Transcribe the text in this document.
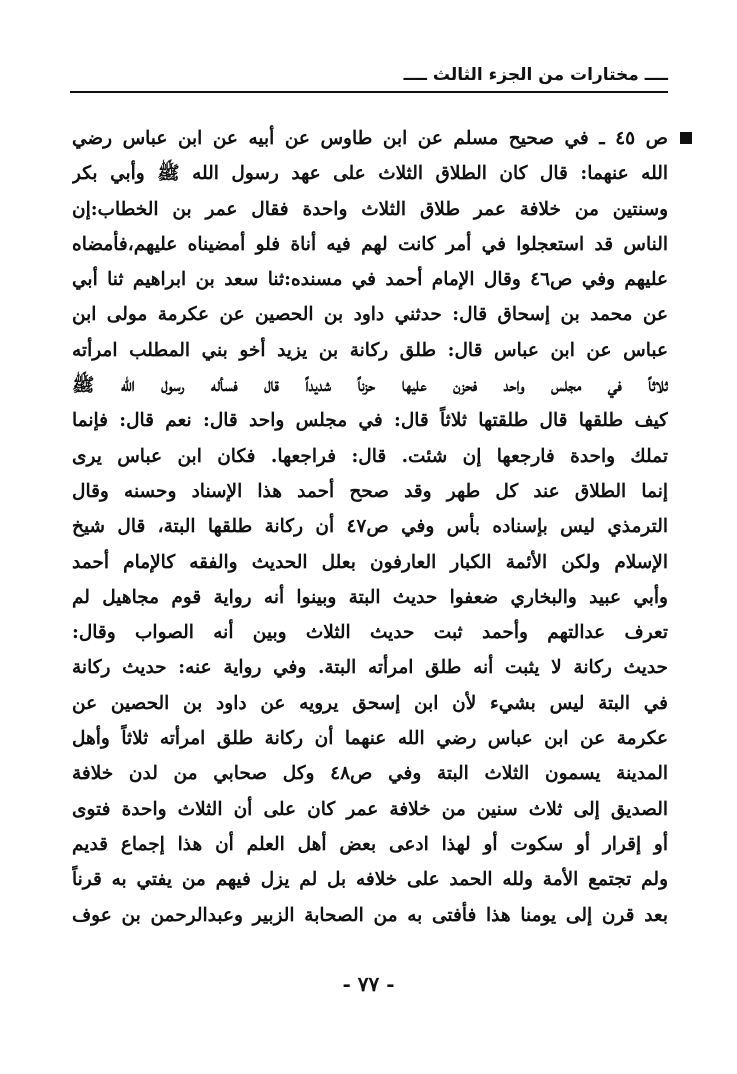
ــــ مختارات من الجزء الثالث ــــ
ص ٤٥ ـ في صحيح مسلم عن ابن طاوس عن أبيه عن ابن عباس رضي
الله عنهما: قال كان الطلاق الثلاث على عهد رسول الله ﷺ وأبي بكر
وسنتين من خلافة عمر طلاق الثلاث واحدة فقال عمر بن الخطاب:إن
الناس قد استعجلوا في أمر كانت لهم فيه أناة فلو أمضيناه عليهم،فأمضاه
عليهم وفي ص٤٦ وقال الإمام أحمد في مسنده:ثنا سعد بن ابراهيم ثنا أبي
عن محمد بن إسحاق قال: حدثني داود بن الحصين عن عكرمة مولى ابن
عباس عن ابن عباس قال: طلق ركانة بن يزيد أخو بني المطلب امرأته
ثلاثاً في مجلس واحد فحزن عليها حزناً شديداً قال فسأله رسول الله ﷺ
كيف طلقها قال طلقتها ثلاثاً قال: في مجلس واحد قال: نعم قال: فإنما
تملك واحدة فارجعها إن شئت. قال: فراجعها. فكان ابن عباس يرى
إنما الطلاق عند كل طهر وقد صحح أحمد هذا الإسناد وحسنه وقال
الترمذي ليس بإسناده بأس وفي ص٤٧ أن ركانة طلقها البتة، قال شيخ
الإسلام ولكن الأئمة الكبار العارفون بعلل الحديث والفقه كالإمام أحمد
وأبي عبيد والبخاري ضعفوا حديث البتة وبينوا أنه رواية قوم مجاهيل لم
تعرف عدالتهم وأحمد ثبت حديث الثلاث وبين أنه الصواب وقال:
حديث ركانة لا يثبت أنه طلق امرأته البتة. وفي رواية عنه: حديث ركانة
في البتة ليس بشيء لأن ابن إسحق يرويه عن داود بن الحصين عن
عكرمة عن ابن عباس رضي الله عنهما أن ركانة طلق امرأته ثلاثاً وأهل
المدينة يسمون الثلاث البتة وفي ص٤٨ وكل صحابي من لدن خلافة
الصديق إلى ثلاث سنين من خلافة عمر كان على أن الثلاث واحدة فتوى
أو إقرار أو سكوت أو لهذا ادعى بعض أهل العلم أن هذا إجماع قديم
ولم تجتمع الأمة ولله الحمد على خلافه بل لم يزل فيهم من يفتي به قرناً
بعد قرن إلى يومنا هذا فأفتى به من الصحابة الزبير وعبدالرحمن بن عوف
- ٧٧ -
